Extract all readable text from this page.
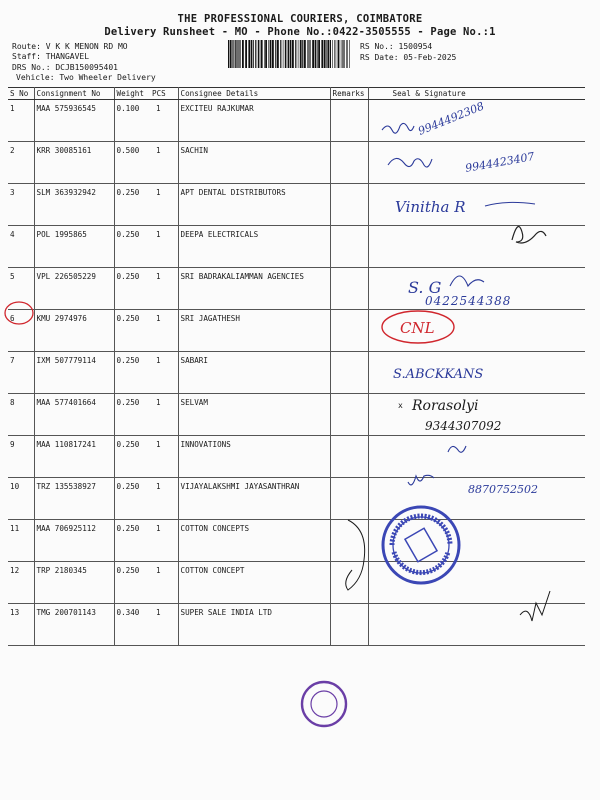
THE PROFESSIONAL COURIERS, COIMBATORE
Delivery Runsheet - MO - Phone No.:0422-3505555 - Page No.:1
Route: V K K MENON RD MO
Staff: THANGAVEL
DRS No.: DCJB150095401
Vehicle: Two Wheeler Delivery
RS No.: 1500954
RS Date: 05-Feb-2025
S No	Consignment No	Weight	PCS	Consignee Details	Remarks	Seal & Signature
1	MAA 575936545	0.100	1	EXCITEU RAJKUMAR		
2	KRR 30085161	0.500	1	SACHIN		
3	SLM 363932942	0.250	1	APT DENTAL DISTRIBUTORS		
4	POL 1995865	0.250	1	DEEPA ELECTRICALS		
5	VPL 226505229	0.250	1	SRI BADRAKALIAMMAN AGENCIES		
6	KMU 2974976	0.250	1	SRI JAGATHESH		
7	IXM 507779114	0.250	1	SABARI		
8	MAA 577401664	0.250	1	SELVAM		
9	MAA 110817241	0.250	1	INNOVATIONS		
10	TRZ 135538927	0.250	1	VIJAYALAKSHMI JAYASANTHRAN		
11	MAA 706925112	0.250	1	COTTON CONCEPTS		
12	TRP 2180345	0.250	1	COTTON CONCEPT		
13	TMG 200701143	0.340	1	SUPER SALE INDIA LTD		
9944492308
9944423407
Vinitha R
S. G
0422544388
CNL
S.ABCKKANS
x Rorasolyi
9344307092
8870752502
